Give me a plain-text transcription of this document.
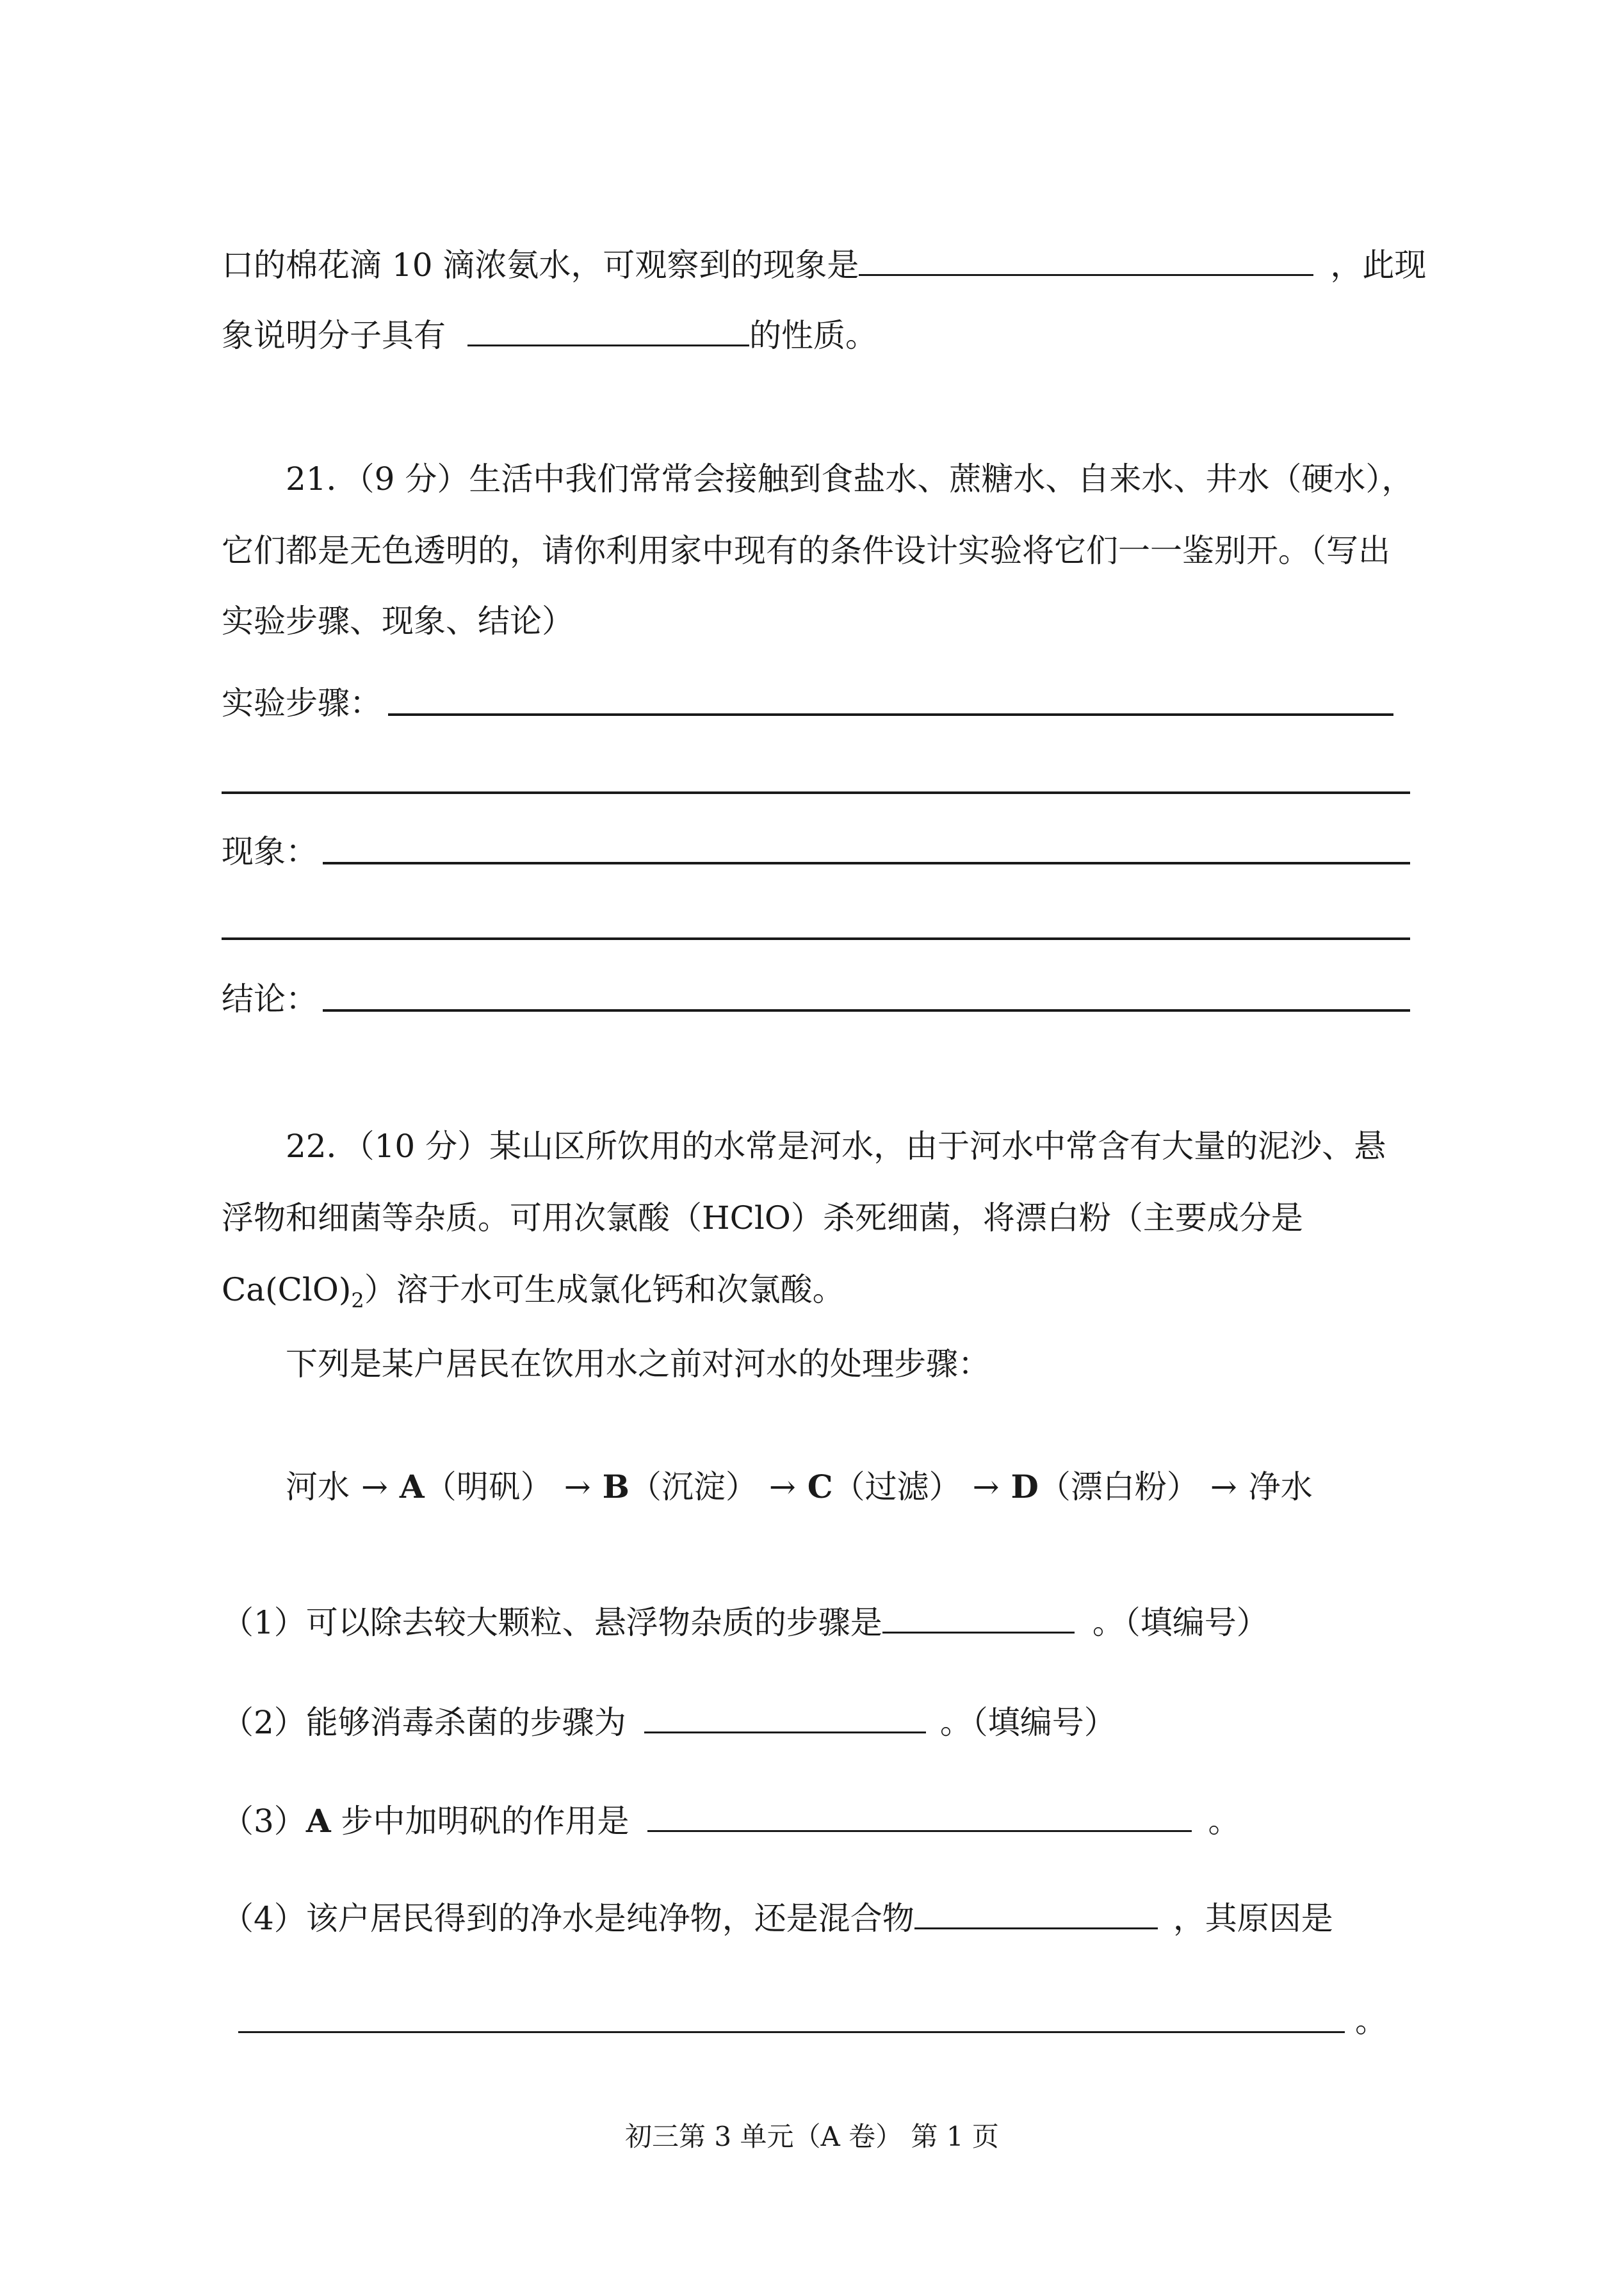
口的棉花滴 10 滴浓氨水，可观察到的现象是	，此现
象说明分子具有	的性质。
21．（9 分）生活中我们常常会接触到食盐水、蔗糖水、自来水、井水（硬水），
它们都是无色透明的，请你利用家中现有的条件设计实验将它们一一鉴别开。（写出
实验步骤、现象、结论）
实验步骤：
现象：
结论：
22．（10 分）某山区所饮用的水常是河水，由于河水中常含有大量的泥沙、悬
浮物和细菌等杂质。可用次氯酸（HClO）杀死细菌，将漂白粉（主要成分是
$Ca(ClO)_2$）溶于水可生成氯化钙和次氯酸。
下列是某户居民在饮用水之前对河水的处理步骤：
河水 → A（明矾） → B（沉淀） → C（过滤） → D（漂白粉） → 净水
（1）可以除去较大颗粒、悬浮物杂质的步骤是	。（填编号）
（2）能够消毒杀菌的步骤为	。（填编号）
（3）A 步中加明矾的作用是	。
（4）该户居民得到的净水是纯净物，还是混合物	，其原因是
。
初三第 3 单元（A 卷） 第 1 页
